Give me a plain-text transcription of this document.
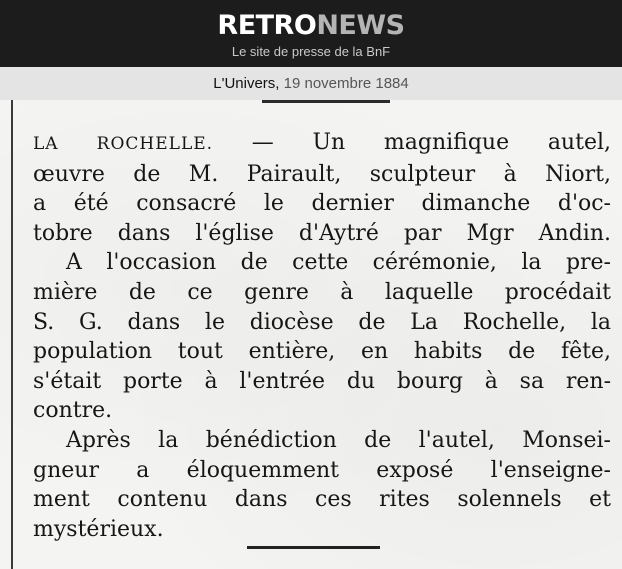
RETRONEWS
Le site de presse de la BnF
L'Univers, 19 novembre 1884
LA ROCHELLE. — Un magnifique autel,
œuvre de M. Pairault, sculpteur à Niort,
a été consacré le dernier dimanche d'oc-
tobre dans l'église d'Aytré par Mgr Andin.
A l'occasion de cette cérémonie, la pre-
mière de ce genre à laquelle procédait
S. G. dans le diocèse de La Rochelle, la
population tout entière, en habits de fête,
s'était porte à l'entrée du bourg à sa ren-
contre.
Après la bénédiction de l'autel, Monsei-
gneur a éloquemment exposé l'enseigne-
ment contenu dans ces rites solennels et
mystérieux.
